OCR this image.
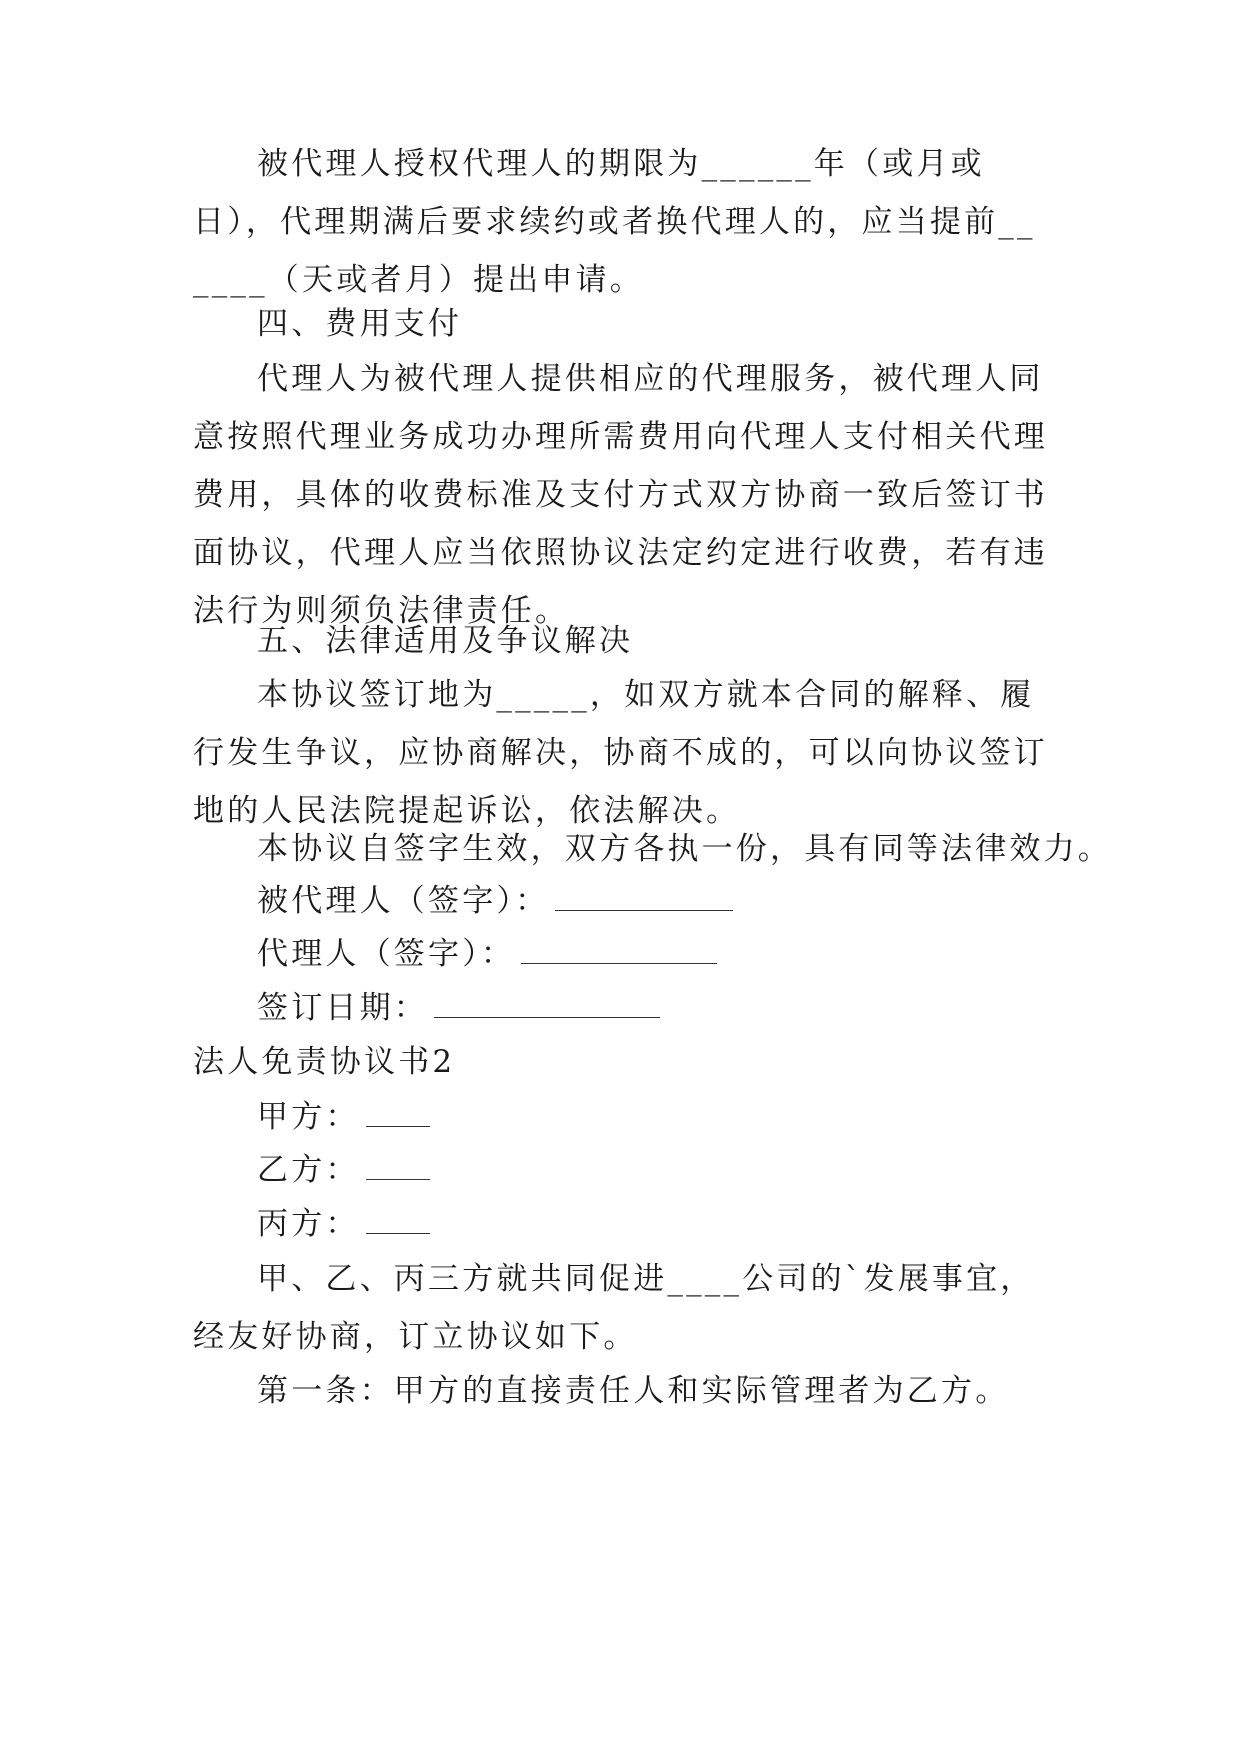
被代理人授权代理人的期限为______年（或月或日），代理期满后要求续约或者换代理人的，应当提前______（天或者月）提出申请。
四、费用支付
代理人为被代理人提供相应的代理服务，被代理人同意按照代理业务成功办理所需费用向代理人支付相关代理费用，具体的收费标准及支付方式双方协商一致后签订书面协议，代理人应当依照协议法定约定进行收费，若有违法行为则须负法律责任。
五、法律适用及争议解决
本协议签订地为_____，如双方就本合同的解释、履行发生争议，应协商解决，协商不成的，可以向协议签订地的人民法院提起诉讼，依法解决。
本协议自签字生效，双方各执一份，具有同等法律效力。
被代理人（签字）：
代理人（签字）：
签订日期：
法人免责协议书2
甲方：
乙方：
丙方：
甲、乙、丙三方就共同促进____公司的`发展事宜，经友好协商，订立协议如下。
第一条：甲方的直接责任人和实际管理者为乙方。
